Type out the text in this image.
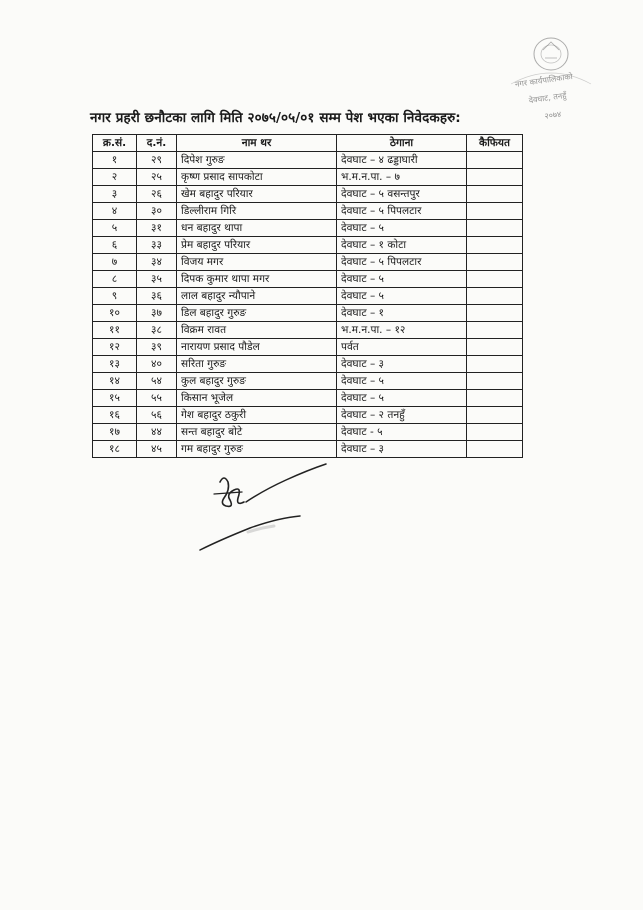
नगर कार्यपालिकाको
देवघाट, तनहुँ
२०७४
नगर प्रहरी छनौटका लागि मिति २०७५/०५/०१ सम्म पेश भएका निवेदकहरु:
क्र.सं.	द.नं.	नाम थर	ठेगाना	कैफियत
१	२९	दिपेश गुरुङ	देवघाट – ४ ढड्डाघारी	
२	२५	कृष्ण प्रसाद सापकोटा	भ.म.न.पा. – ७	
३	२६	खेम बहादुर परियार	देवघाट – ५ वसन्तपुर	
४	३०	डिल्लीराम गिरि	देवघाट – ५ पिपलटार	
५	३१	धन बहादुर थापा	देवघाट – ५	
६	३३	प्रेम बहादुर परियार	देवघाट – १ कोटा	
७	३४	विजय मगर	देवघाट – ५ पिपलटार	
८	३५	दिपक कुमार थापा मगर	देवघाट – ५	
९	३६	लाल बहादुर न्यौपाने	देवघाट – ५	
१०	३७	डिल बहादुर गुरुङ	देवघाट – १	
११	३८	विक्रम रावत	भ.म.न.पा. – १२	
१२	३९	नारायण प्रसाद पौडेल	पर्वत	
१३	४०	सरिता गुरुङ	देवघाट – ३	
१४	५४	कुल बहादुर गुरुङ	देवघाट – ५	
१५	५५	किसान भूजेल	देवघाट – ५	
१६	५६	गेश बहादुर ठकुरी	देवघाट – २ तनहुँ	
१७	४४	सन्त बहादुर बोटे	देवघाट - ५	
१८	४५	गम बहादुर गुरुङ	देवघाट – ३	
